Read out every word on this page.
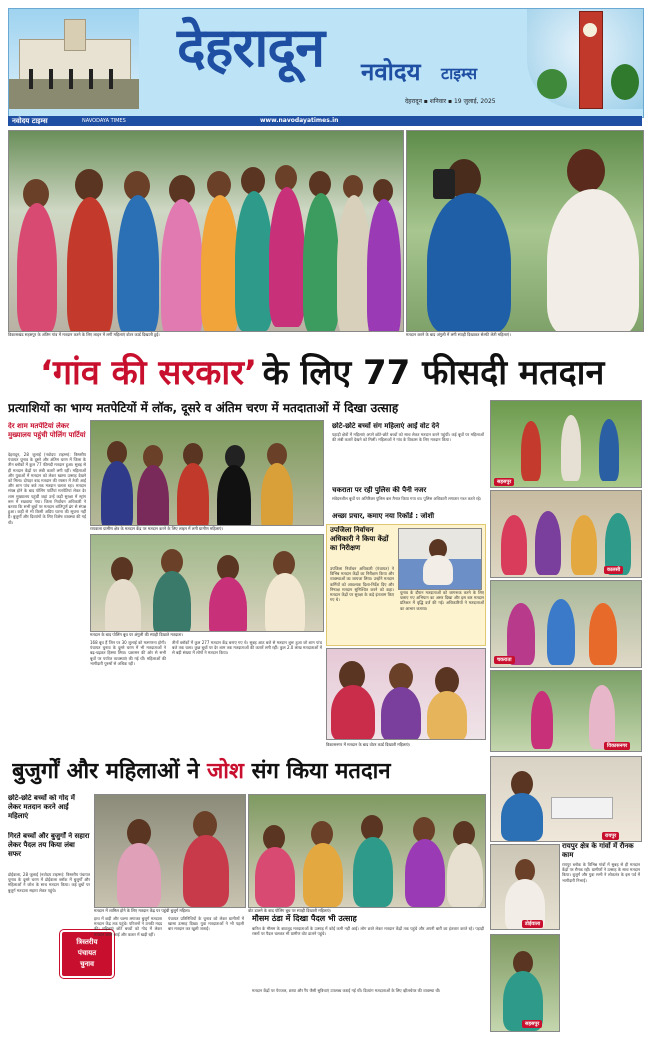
देहरादून नवोदय टाइम्स
देहरादून ▪ शनिवार ▪ 19 जुलाई, 2025
नवोदय टाइम्स	NAVODAYA TIMES	www.navodayatimes.in
विकासखंड सहसपुर के अंतिम गांव में मतदान करने के लिए लाइन में लगी महिलाएं वोटर कार्ड दिखाती हुई।	मतदान करने के बाद अंगुली में लगी स्याही दिखाकर सेल्फी लेती महिलाएं।
‘गांव की सरकार’ के लिए 77 फीसदी मतदान
प्रत्याशियों का भाग्य मतपेटियों में लॉक, दूसरे व अंतिम चरण में मतदाताओं में दिखा उत्साह
देर शाम मतपेटियां लेकर मुख्यालय पहुंची पोलिंग पार्टियां
देहरादून, 28 जुलाई (नवोदय टाइम्स): त्रिस्तरीय पंचायत चुनाव के दूसरे और अंतिम चरण में जिला के तीन ब्लॉकों में कुल 77 फीसदी मतदान हुआ। सुबह से ही मतदान केंद्रों पर लंबी कतारें लगी रहीं। महिलाओं और युवाओं में मतदान को लेकर खासा उत्साह देखने को मिला। दोपहर बाद मतदान की रफ्तार में तेजी आई और शाम पांच बजे तक मतदान चलता रहा। मतदान संपन्न होने के बाद पोलिंग पार्टियां मतपेटियां लेकर देर शाम मुख्यालय पहुंचीं जहां उन्हें कड़ी सुरक्षा में स्ट्रांग रूम में रखवाया गया। जिला निर्वाचन अधिकारी ने बताया कि सभी बूथों पर मतदान शांतिपूर्ण ढंग से संपन्न हुआ। कहीं से भी किसी अप्रिय घटना की सूचना नहीं है। बुजुर्गों और दिव्यांगों के लिए विशेष व्यवस्था की गई थी।
रायवाला ग्रामीण क्षेत्र के मतदान केंद्र पर मतदान करने के लिए लाइन में लगी ग्रामीण महिलाएं।
मतदान के बाद पोलिंग बूथ पर अंगुली की स्याही दिखाते मतदाता।
168 बूथ हैं जिन पर 30 जुलाई को मतगणना होगी। पंचायत चुनाव के दूसरे चरण में भी मतदाताओं ने बढ़-चढ़कर हिस्सा लिया। प्रशासन की ओर से सभी बूथों पर पर्याप्त व्यवस्थाएं की गई थीं। महिलाओं की भागीदारी पुरुषों से अधिक रही।
तीनों ब्लॉकों में कुल 277 मतदान केंद्र बनाए गए थे। सुबह आठ बजे से मतदान शुरू हुआ जो शाम पांच बजे तक चला। कुछ बूथों पर देर शाम तक मतदाताओं की कतारें लगी रहीं। कुल 2.0 लाख मतदाताओं में से बड़ी संख्या में लोगों ने मतदान किया।
उपजिला निर्वाचन अधिकारी ने किया केंद्रों का निरीक्षण
उपजिला निर्वाचन अधिकारी (पंचायत) ने विभिन्न मतदान केंद्रों का निरीक्षण किया और व्यवस्थाओं का जायजा लिया। उन्होंने मतदान कर्मियों को आवश्यक दिशा-निर्देश दिए और निष्पक्ष मतदान सुनिश्चित करने को कहा। मतदान केंद्रों पर सुरक्षा के कड़े इंतजाम किए गए थे।
छोटे-छोटे बच्चों संग महिलाएं आईं वोट देने
पहाड़ी क्षेत्रों में महिलाएं अपने छोटे-छोटे बच्चों को साथ लेकर मतदान करने पहुंचीं। कई बूथों पर महिलाओं की लंबी कतारें देखने को मिलीं। महिलाओं ने गांव के विकास के लिए मतदान किया।
चकराता पर रही पुलिस की पैनी नजर
संवेदनशील बूथों पर अतिरिक्त पुलिस बल तैनात किया गया था। पुलिस अधिकारी लगातार गश्त करते रहे।
अच्छा प्रचार, कमाए नया रिकॉर्ड : जोशी
चुनाव के दौरान मतदाताओं को जागरूक करने के लिए चलाए गए अभियान का असर दिखा और इस बार मतदान प्रतिशत में वृद्धि दर्ज की गई। अधिकारियों ने मतदाताओं का आभार जताया।
विकासनगर में मतदान के बाद वोटर कार्ड दिखाती महिलाएं।
सहसपुर
कालसी
चकराता
विकासनगर
बुजुर्गों और महिलाओं ने जोश संग किया मतदान
छोटे-छोटे बच्चों को गोद में लेकर मतदान करने आईं महिलाएं
गिरते बच्चों और बुजुर्गों ने सहारा लेकर पैदल तय किया लंबा सफर
डोईवाला, 28 जुलाई (नवोदय टाइम्स): त्रिस्तरीय पंचायत चुनाव के दूसरे चरण में डोईवाला ब्लॉक में बुजुर्गों और महिलाओं ने जोश के साथ मतदान किया। कई बूथों पर बुजुर्ग मतदाता सहारा लेकर पहुंचे।
त्रिस्तरीय
पंचायत
चुनाव
मतदान में शामिल होने के लिए मतदान केंद्र पर पहुंची बुजुर्ग महिला।	वोट डालने के बाद पोलिंग बूथ पर स्याही दिखाती महिलाएं।
हाथ में छड़ी और चश्मा लगाकर बुजुर्ग मतदाता मतदान केंद्र तक पहुंचे। परिजनों ने उनकी मदद की। महिलाएं छोटे बच्चों को गोद में लेकर मतदान करने आईं और कतार में खड़ी रहीं।
पंचायत प्रतिनिधियों के चुनाव को लेकर ग्रामीणों में खासा उत्साह दिखा। युवा मतदाताओं ने भी पहली बार मतदान कर खुशी जताई।
मौसम ठंडा में दिखा पैदल भी उत्साह
बारिश के मौसम के बावजूद मतदाताओं के उत्साह में कोई कमी नहीं आई। लोग छाते लेकर मतदान केंद्रों तक पहुंचे और अपनी बारी का इंतजार करते रहे। पहाड़ी रास्तों पर पैदल चलकर भी ग्रामीण वोट डालने पहुंचे।
मतदान केंद्रों पर पेयजल, छाया और रैंप जैसी सुविधाएं उपलब्ध कराई गई थीं। दिव्यांग मतदाताओं के लिए व्हीलचेयर की व्यवस्था थी।
रायपुर
रायपुर क्षेत्र के गांवों में रौनक काम
रायपुर ब्लॉक के विभिन्न गांवों में सुबह से ही मतदान केंद्रों पर रौनक रही। ग्रामीणों ने उत्साह के साथ मतदान किया। बुजुर्ग और युवा सभी ने लोकतंत्र के इस पर्व में भागीदारी निभाई।
डोईवाला
सहसपुर
